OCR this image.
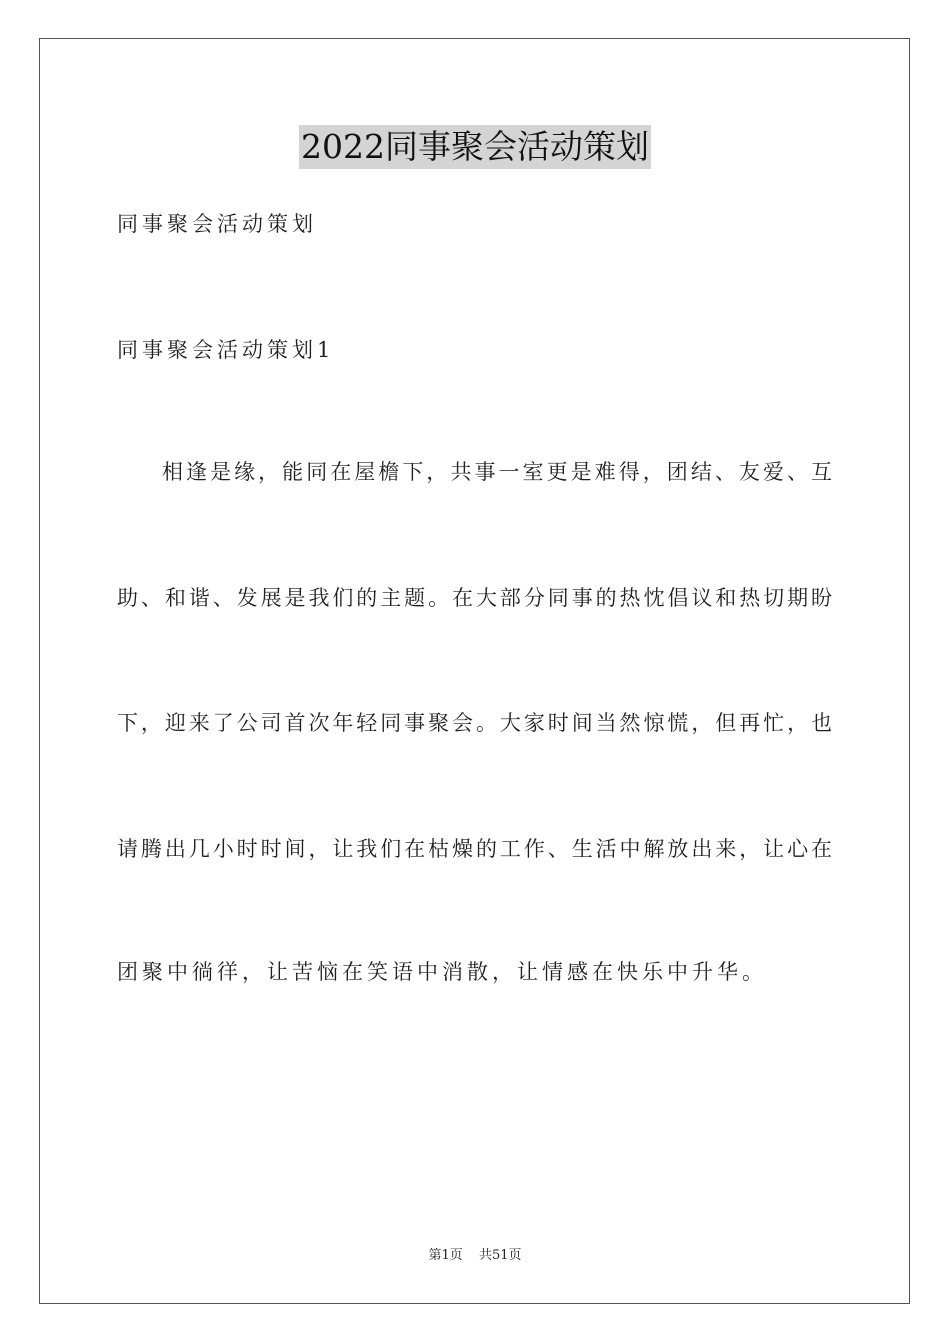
2022同事聚会活动策划
同事聚会活动策划
同事聚会活动策划1
相逢是缘，能同在屋檐下，共事一室更是难得，团结、友爱、互
助、和谐、发展是我们的主题。在大部分同事的热忱倡议和热切期盼
下，迎来了公司首次年轻同事聚会。大家时间当然惊慌，但再忙，也
请腾出几小时时间，让我们在枯燥的工作、生活中解放出来，让心在
团聚中徜徉，让苦恼在笑语中消散，让情感在快乐中升华。
第1页 共51页
